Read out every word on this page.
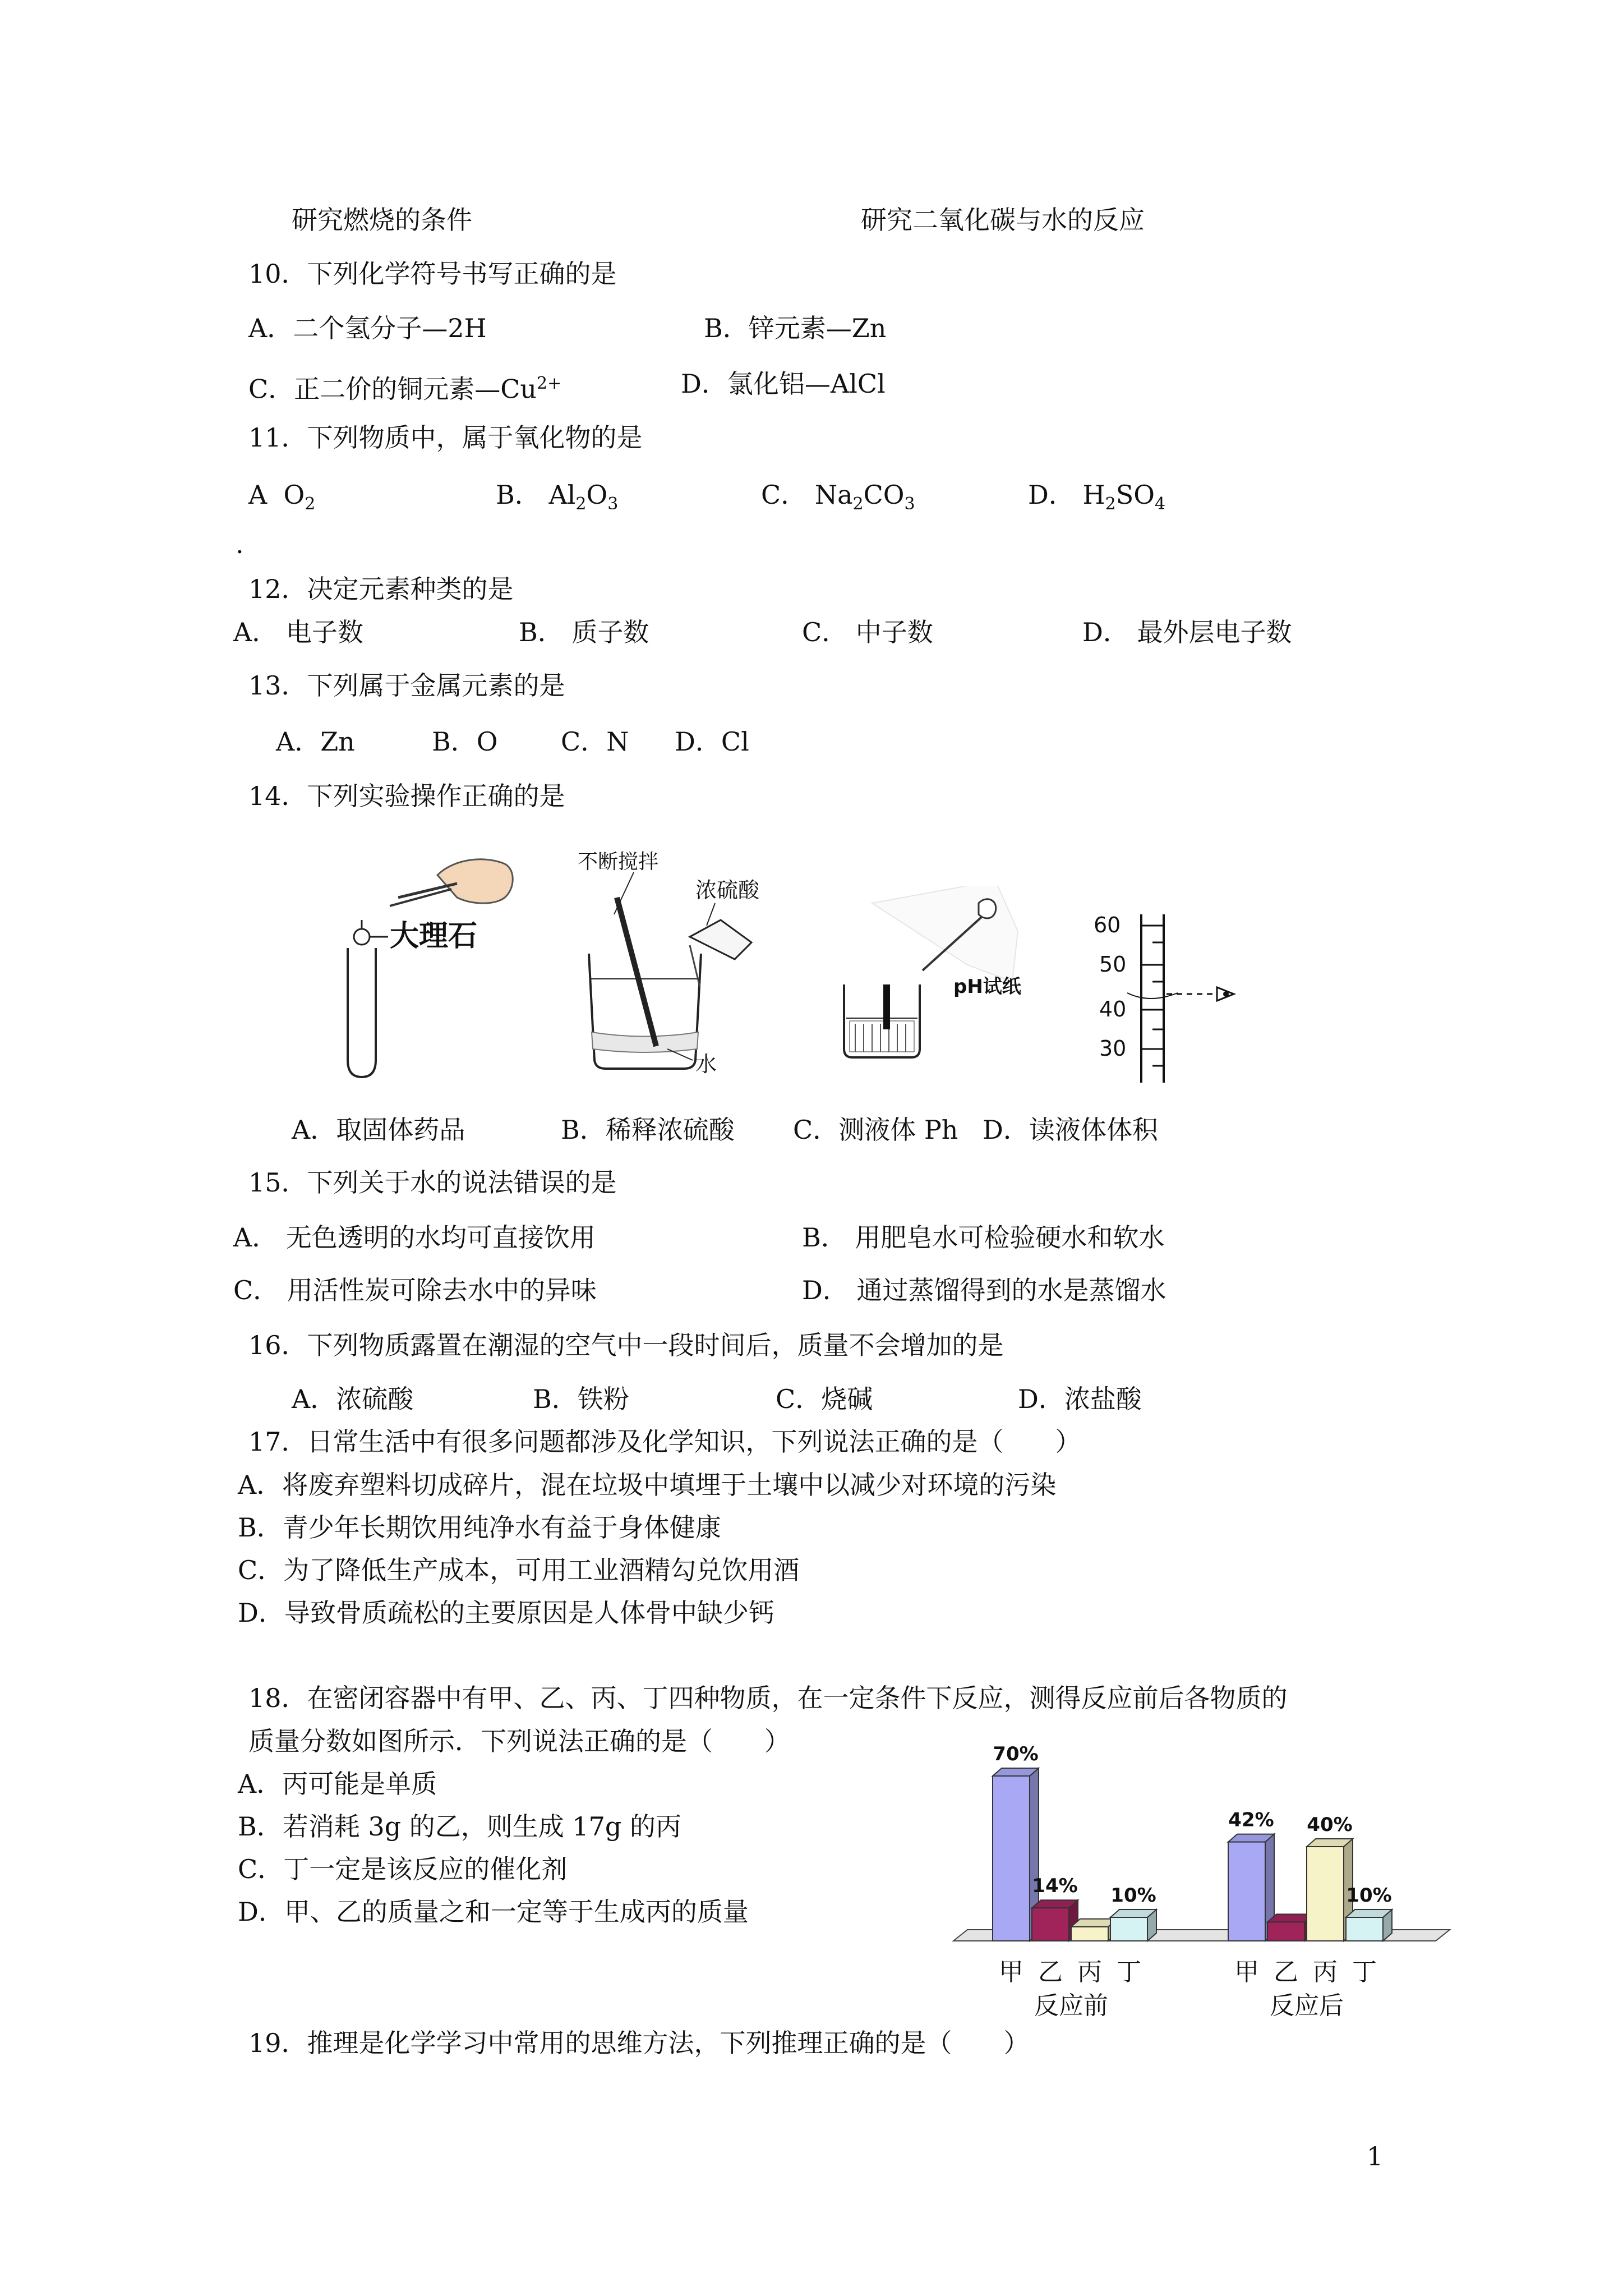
研究燃烧的条件	研究二氧化碳与水的反应
10．下列化学符号书写正确的是
A．二个氢分子—2H	B．锌元素—Zn
C．正二价的铜元素$—Cu^{2+}$	D．氯化铝—AlCl
11．下列物质中，属于氧化物的是
A $O_2$	B． $Al_2O_3$	C． $Na_2CO_3$	D． $H_2SO_4$
.
12．决定元素种类的是
A． 电子数	B． 质子数	C． 中子数	D． 最外层电子数
13．下列属于金属元素的是
A．Zn	B．O C．N D．Cl
14．下列实验操作正确的是
大理石
不断搅拌
浓硫酸
水
pH试纸
60
50
40
30
A．取固体药品	B．稀释浓硫酸 C．测液体 Ph D．读液体体积
15．下列关于水的说法错误的是
A． 无色透明的水均可直接饮用	B． 用肥皂水可检验硬水和软水
C． 用活性炭可除去水中的异味	D． 通过蒸馏得到的水是蒸馏水
16．下列物质露置在潮湿的空气中一段时间后，质量不会增加的是
A．浓硫酸	B．铁粉	C．烧碱	D．浓盐酸
17．日常生活中有很多问题都涉及化学知识，下列说法正确的是（　　）
A．将废弃塑料切成碎片，混在垃圾中填埋于土壤中以减少对环境的污染
B．青少年长期饮用纯净水有益于身体健康
C．为了降低生产成本，可用工业酒精勾兑饮用酒
D．导致骨质疏松的主要原因是人体骨中缺少钙
18．在密闭容器中有甲、乙、丙、丁四种物质，在一定条件下反应，测得反应前后各物质的
质量分数如图所示．下列说法正确的是（　　）
A．丙可能是单质
B．若消耗 3g 的乙，则生成 17g 的丙
C．丁一定是该反应的催化剂
D．甲、乙的质量之和一定等于生成丙的质量
70%
甲
14%
乙 丙
10%
丁
反应前
42%
甲 乙
40%
丙
10%
丁
反应后
19．推理是化学学习中常用的思维方法，下列推理正确的是（　　）
1
